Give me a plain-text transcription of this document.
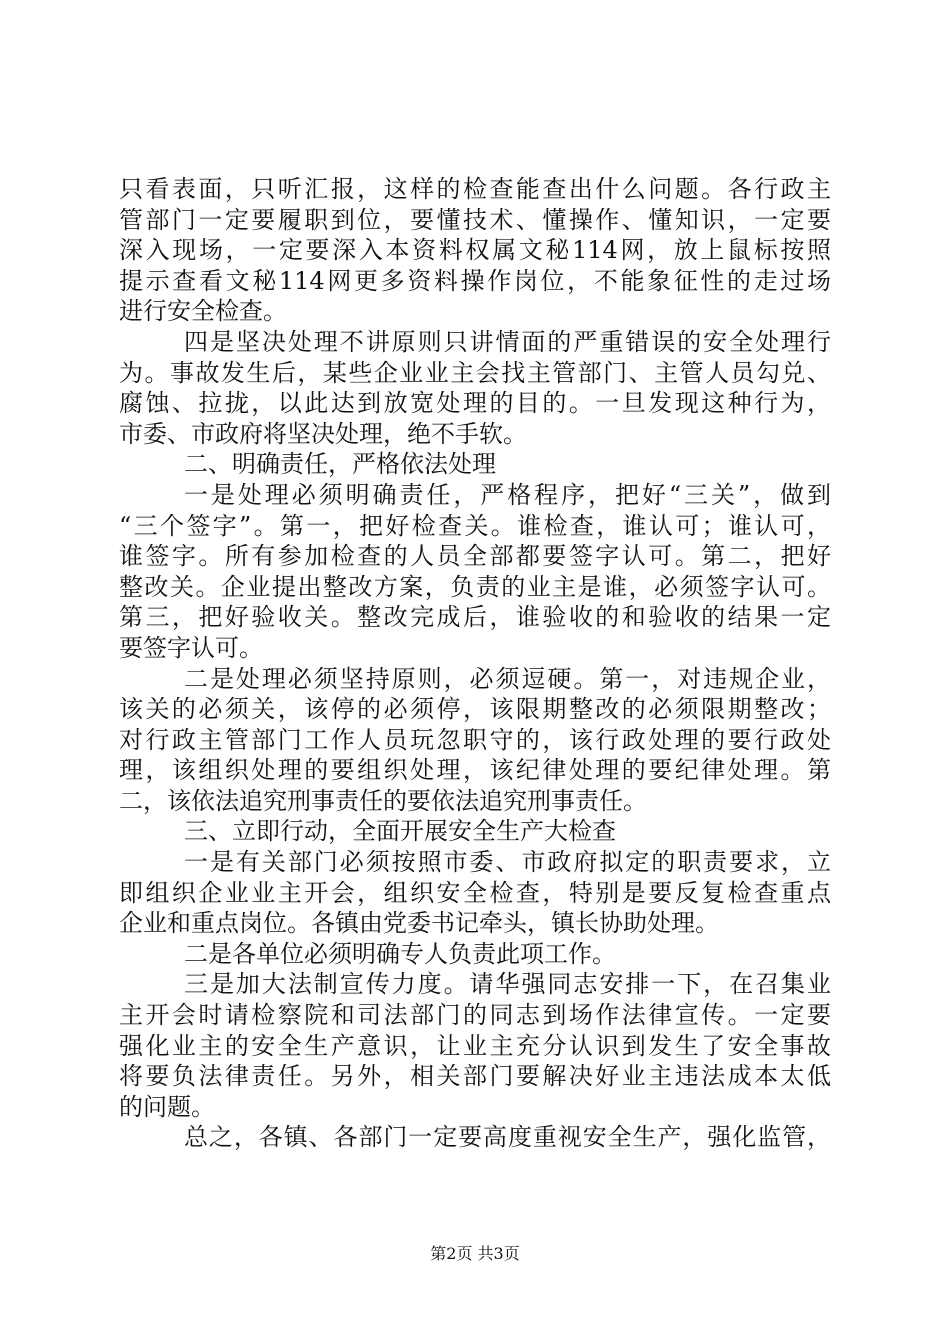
只看表面，只听汇报，这样的检查能查出什么问题。各行政主
管部门一定要履职到位，要懂技术、懂操作、懂知识，一定要
深入现场，一定要深入本资料权属文秘114网，放上鼠标按照
提示查看文秘114网更多资料操作岗位，不能象征性的走过场
进行安全检查。
四是坚决处理不讲原则只讲情面的严重错误的安全处理行
为。事故发生后，某些企业业主会找主管部门、主管人员勾兑、
腐蚀、拉拢，以此达到放宽处理的目的。一旦发现这种行为，
市委、市政府将坚决处理，绝不手软。
二、明确责任，严格依法处理
一是处理必须明确责任，严格程序，把好“三关”，做到
“三个签字”。第一，把好检查关。谁检查，谁认可；谁认可，
谁签字。所有参加检查的人员全部都要签字认可。第二，把好
整改关。企业提出整改方案，负责的业主是谁，必须签字认可。
第三，把好验收关。整改完成后，谁验收的和验收的结果一定
要签字认可。
二是处理必须坚持原则，必须逗硬。第一，对违规企业，
该关的必须关，该停的必须停，该限期整改的必须限期整改；
对行政主管部门工作人员玩忽职守的，该行政处理的要行政处
理，该组织处理的要组织处理，该纪律处理的要纪律处理。第
二，该依法追究刑事责任的要依法追究刑事责任。
三、立即行动，全面开展安全生产大检查
一是有关部门必须按照市委、市政府拟定的职责要求，立
即组织企业业主开会，组织安全检查，特别是要反复检查重点
企业和重点岗位。各镇由党委书记牵头，镇长协助处理。
二是各单位必须明确专人负责此项工作。
三是加大法制宣传力度。请华强同志安排一下，在召集业
主开会时请检察院和司法部门的同志到场作法律宣传。一定要
强化业主的安全生产意识，让业主充分认识到发生了安全事故
将要负法律责任。另外，相关部门要解决好业主违法成本太低
的问题。
总之，各镇、各部门一定要高度重视安全生产，强化监管，
第2页 共3页
